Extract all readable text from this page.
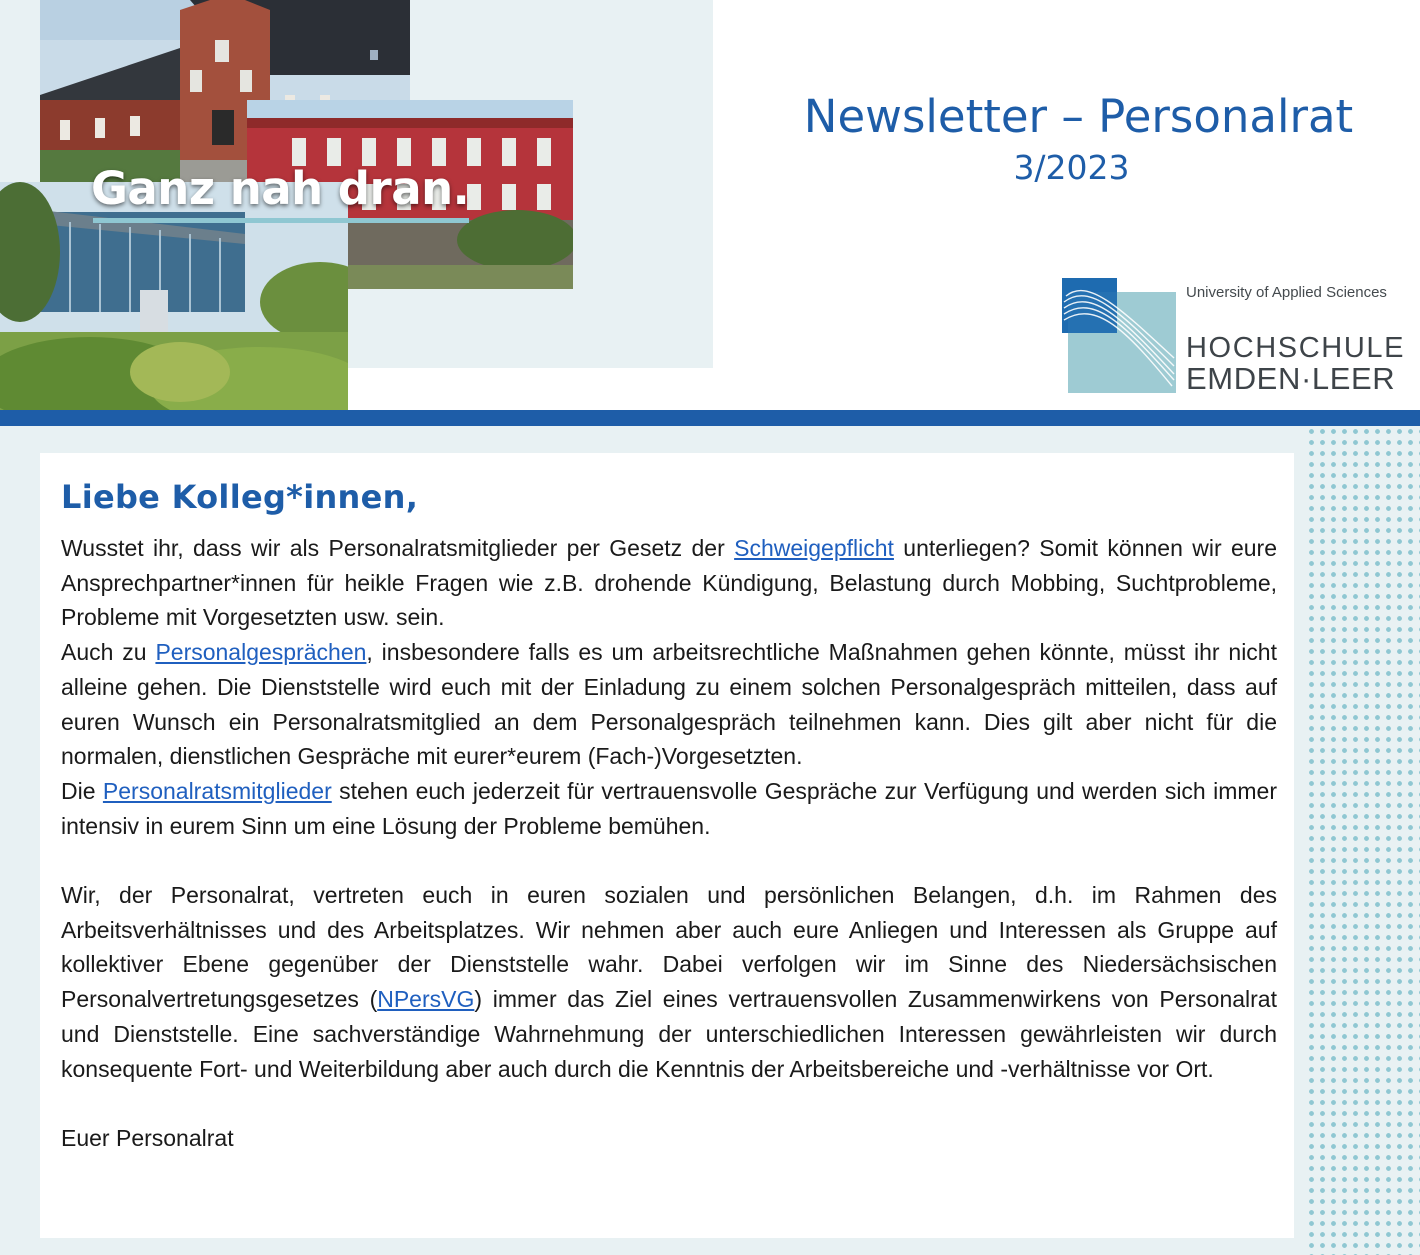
Ganz nah dran.
Newsletter – Personalrat
3/2023
University of Applied Sciences
HOCHSCHULE
EMDEN·LEER
Liebe Kolleg*innen,

Wusstet ihr, dass wir als Personalratsmitglieder per Gesetz der Schweigepflicht unterliegen? Somit können wir eure Ansprechpartner*innen für heikle Fragen wie z.B. drohende Kündigung, Belastung durch Mobbing, Suchtprobleme, Probleme mit Vorgesetzten usw. sein.

Auch zu Personalgesprächen, insbesondere falls es um arbeitsrechtliche Maßnahmen gehen könnte, müsst ihr nicht alleine gehen. Die Dienststelle wird euch mit der Einladung zu einem solchen Personalgespräch mitteilen, dass auf euren Wunsch ein Personalratsmitglied an dem Personalgespräch teilnehmen kann. Dies gilt aber nicht für die normalen, dienstlichen Gespräche mit eurer*eurem (Fach-)Vorgesetzten.

Die Personalratsmitglieder stehen euch jederzeit für vertrauensvolle Gespräche zur Verfügung und werden sich immer intensiv in eurem Sinn um eine Lösung der Probleme bemühen.

Wir, der Personalrat, vertreten euch in euren sozialen und persönlichen Belangen, d.h. im Rahmen des Arbeitsverhältnisses und des Arbeitsplatzes. Wir nehmen aber auch eure Anliegen und Interessen als Gruppe auf kollektiver Ebene gegenüber der Dienststelle wahr. Dabei verfolgen wir im Sinne des Niedersächsischen Personalvertretungsgesetzes (NPersVG) immer das Ziel eines vertrauensvollen Zusammenwirkens von Personalrat und Dienststelle. Eine sachverständige Wahrnehmung der unterschiedlichen Interessen gewährleisten wir durch konsequente Fort- und Weiterbildung aber auch durch die Kenntnis der Arbeitsbereiche und -verhältnisse vor Ort.

Euer Personalrat
